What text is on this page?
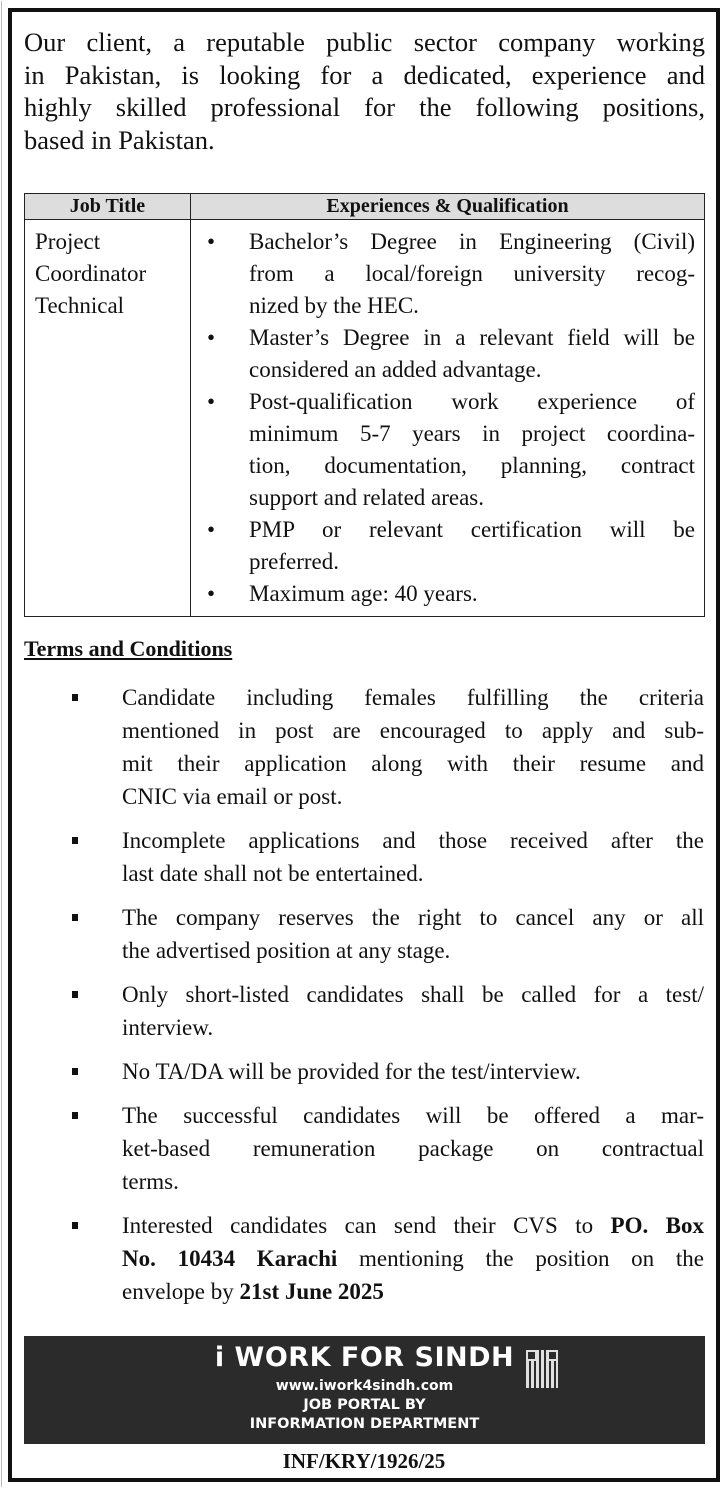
Our client, a reputable public sector company working
in Pakistan, is looking for a dedicated, experience and
highly skilled professional for the following positions,
based in Pakistan.
Job Title	Experiences & Qualification
Project
Coordinator
Technical
• Bachelor’s Degree in Engineering (Civil)
from a local/foreign university recog-
nized by the HEC.
• Master’s Degree in a relevant field will be
considered an added advantage.
• Post-qualification work experience of
minimum 5-7 years in project coordina-
tion, documentation, planning, contract
support and related areas.
• PMP or relevant certification will be
preferred.
• Maximum age: 40 years.
Terms and Conditions
Candidate including females fulfilling the criteria
mentioned in post are encouraged to apply and sub-
mit their application along with their resume and
CNIC via email or post.
Incomplete applications and those received after the
last date shall not be entertained.
The company reserves the right to cancel any or all
the advertised position at any stage.
Only short-listed candidates shall be called for a test/
interview.
No TA/DA will be provided for the test/interview.
The successful candidates will be offered a mar-
ket-based remuneration package on contractual
terms.
Interested candidates can send their CVS to PO. Box
No. 10434 Karachi mentioning the position on the
envelope by 21st June 2025
i WORK FOR SINDH
www.iwork4sindh.com
JOB PORTAL BY
INFORMATION DEPARTMENT
INF/KRY/1926/25
